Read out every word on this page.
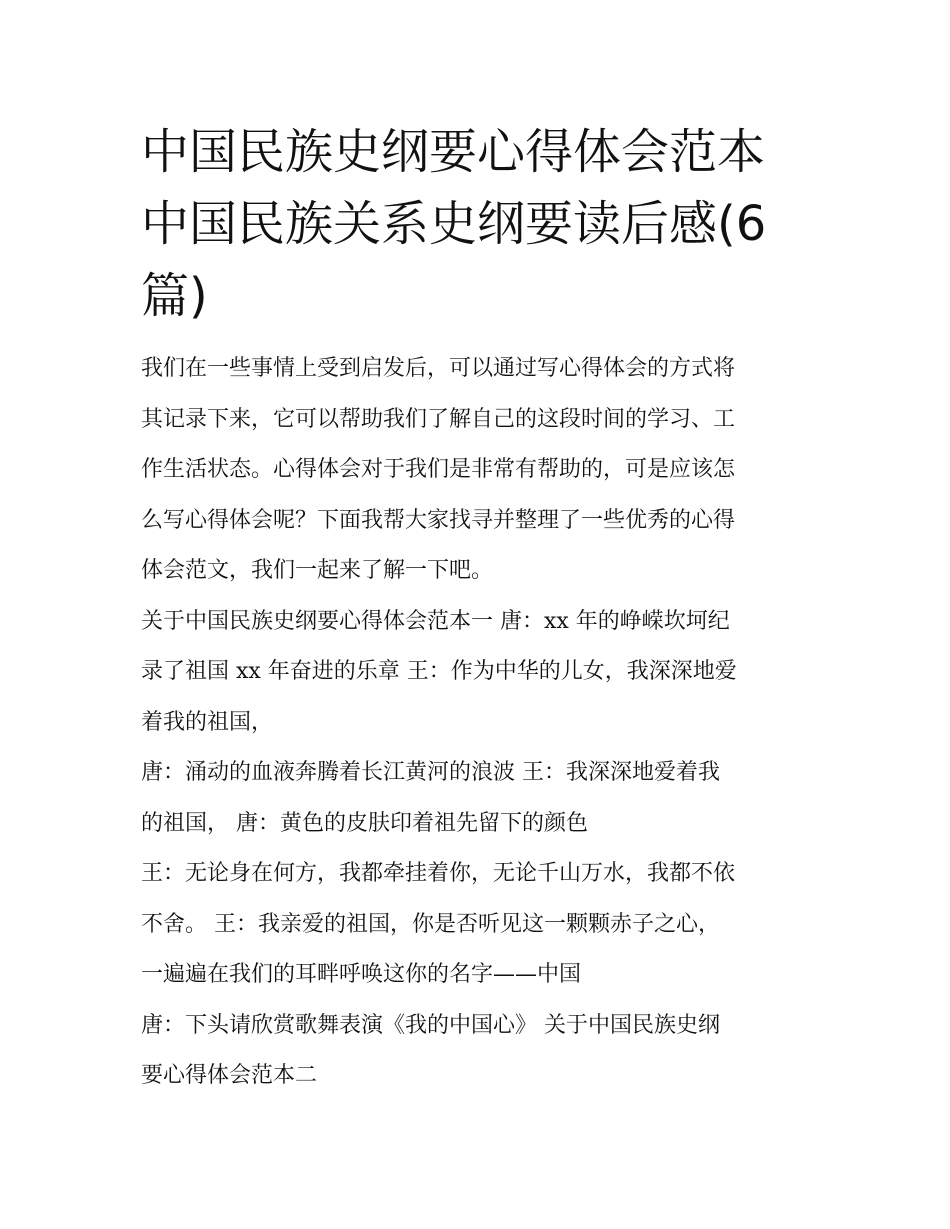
中国民族史纲要心得体会范本
中国民族关系史纲要读后感(6
篇)

我们在一些事情上受到启发后，可以通过写心得体会的方式将
其记录下来，它可以帮助我们了解自己的这段时间的学习、工
作生活状态。心得体会对于我们是非常有帮助的，可是应该怎
么写心得体会呢？下面我帮大家找寻并整理了一些优秀的心得
体会范文，我们一起来了解一下吧。

关于中国民族史纲要心得体会范本一 唐：xx 年的峥嵘坎坷纪
录了祖国 xx 年奋进的乐章 王：作为中华的儿女，我深深地爱
着我的祖国，

唐：涌动的血液奔腾着长江黄河的浪波 王：我深深地爱着我
的祖国， 唐：黄色的皮肤印着祖先留下的颜色

王：无论身在何方，我都牵挂着你，无论千山万水，我都不依
不舍。 王：我亲爱的祖国，你是否听见这一颗颗赤子之心，
一遍遍在我们的耳畔呼唤这你的名字——中国

唐：下头请欣赏歌舞表演《我的中国心》 关于中国民族史纲
要心得体会范本二
